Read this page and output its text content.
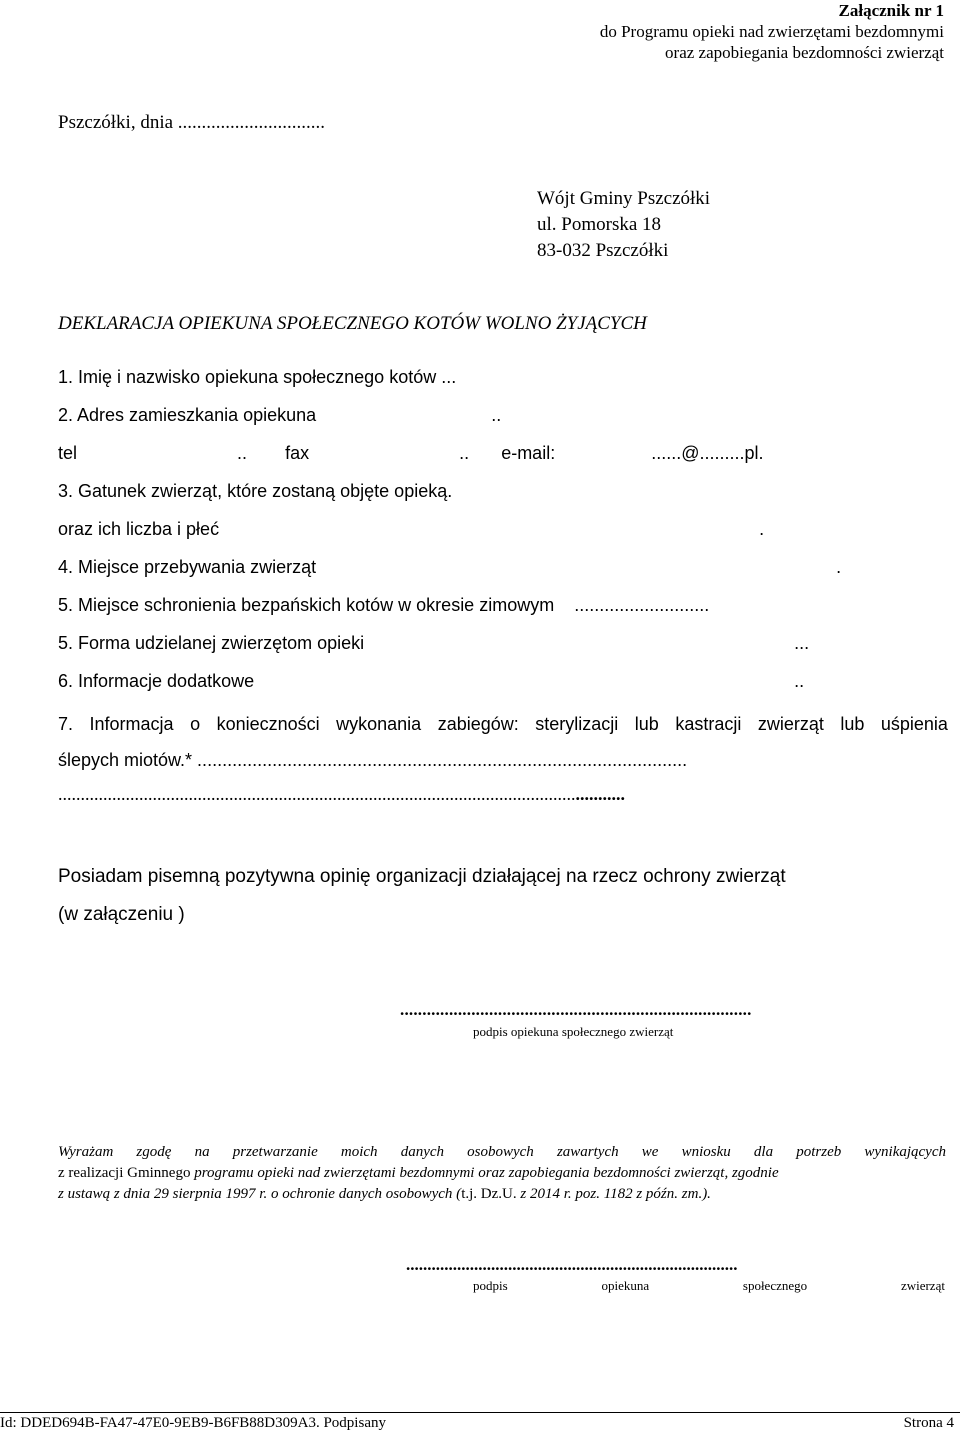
Załącznik nr 1
do Programu opieki nad zwierzętami bezdomnymi
oraz zapobiegania bezdomności zwierząt
Pszczółki, dnia ...............................
Wójt Gminy Pszczółki
ul. Pomorska 18
83-032 Pszczółki
DEKLARACJA OPIEKUNA SPOŁECZNEGO KOTÓW WOLNO ŻYJĄCYCH
1. Imię i nazwisko opiekuna społecznego kotów ...
2. Adres zamieszkania opiekuna	..
tel	.. fax	.. e-mail:	......@.........pl.
3. Gatunek zwierząt, które zostaną objęte opieką.
oraz ich liczba i płeć	.
4. Miejsce przebywania zwierząt	.
5. Miejsce schronienia bezpańskich kotów w okresie zimowym ...........................
5. Forma udzielanej zwierzętom opieki	...
6. Informacje dodatkowe	..
7. Informacja o konieczności wykonania zabiegów: sterylizacji lub kastracji zwierząt lub uśpienia
ślepych miotów.* ..................................................................................................
..............................................................................................................................
Posiadam pisemną pozytywna opinię organizacji działającej na rzecz ochrony zwierząt
(w załączeniu )
...............................................................................
podpis opiekuna społecznego zwierząt
Wyrażam zgodę na przetwarzanie moich danych osobowych zawartych we wniosku dla potrzeb wynikających
z realizacji Gminnego programu opieki nad zwierzętami bezdomnymi oraz zapobiegania bezdomności zwierząt, zgodnie
z ustawą z dnia 29 sierpnia 1997 r. o ochronie danych osobowych (t.j. Dz.U. z 2014 r. poz. 1182 z późn. zm.).
..............................................................................
podpis	opiekuna	społecznego	zwierząt
Id: DDED694B-FA47-47E0-9EB9-B6FB88D309A3. Podpisany	Strona 4
